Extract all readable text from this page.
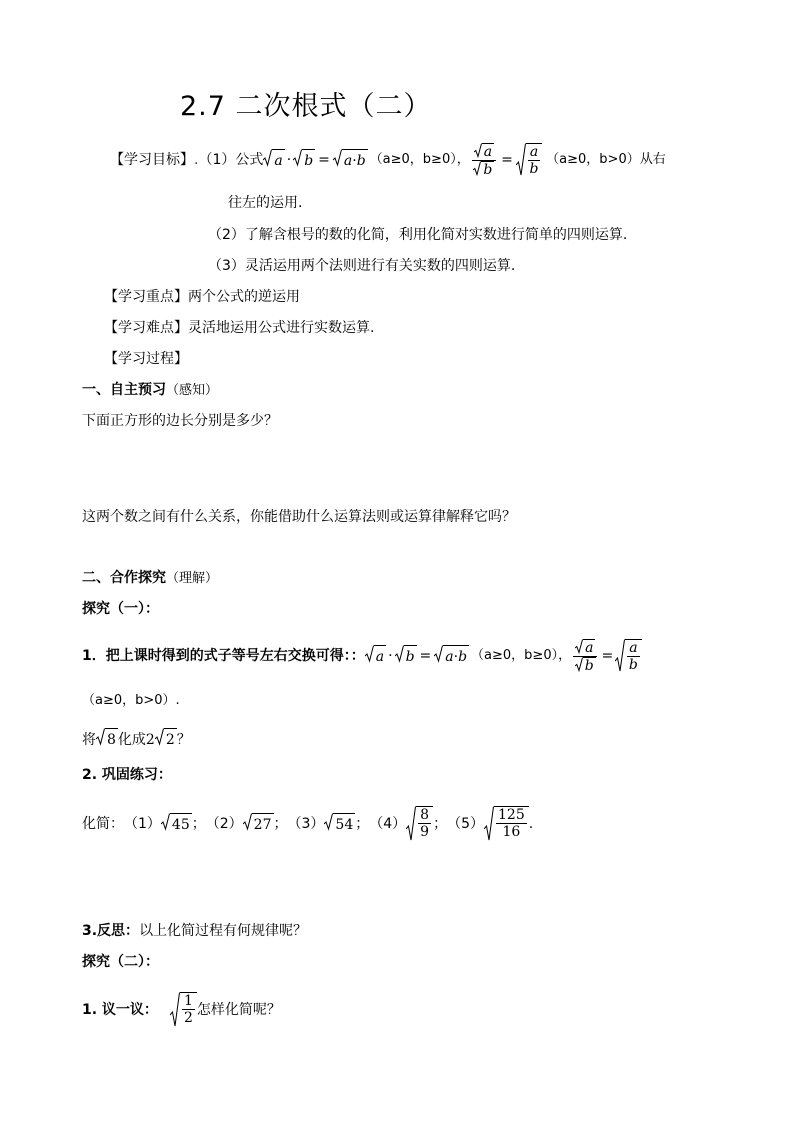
2.7 二次根式（二）
【学习目标】 . （1）公式 a · b = a·b （a≥0，b≥0）， $\frac{a}{b} = \frac{a}{b} (a\ge 0$，b>0）从右
往左的运用.
（2）了解含根号的数的化简，利用化简对实数进行简单的四则运算.
（3）灵活运用两个法则进行有关实数的四则运算.
【学习重点】两个公式的逆运用
【学习难点】灵活地运用公式进行实数运算.
【学习过程】
一、自主预习（感知）
下面正方形的边长分别是多少？
这两个数之间有什么关系，你能借助什么运算法则或运算律解释它吗？
二、合作探究（理解）
探究（一）：
1．把上课时得到的式子等号左右交换可得：： a · b = a·b （a≥0，b≥0）， $\frac{a}{b} = \frac{a}{b}$
（a≥0，b>0）.
将 8 化成 2 2 ？
2. 巩固练习：
化简： （1） 45 ；　（2） 27 ；　（3） 54 ；　$(4) \frac{8}{9}$ ；　$(5) \frac{125}{16}$ .
3.反思：以上化简过程有何规律呢？
探究（二）：
1. 议一议： $\frac{1}{2}$ 怎样化简呢？
